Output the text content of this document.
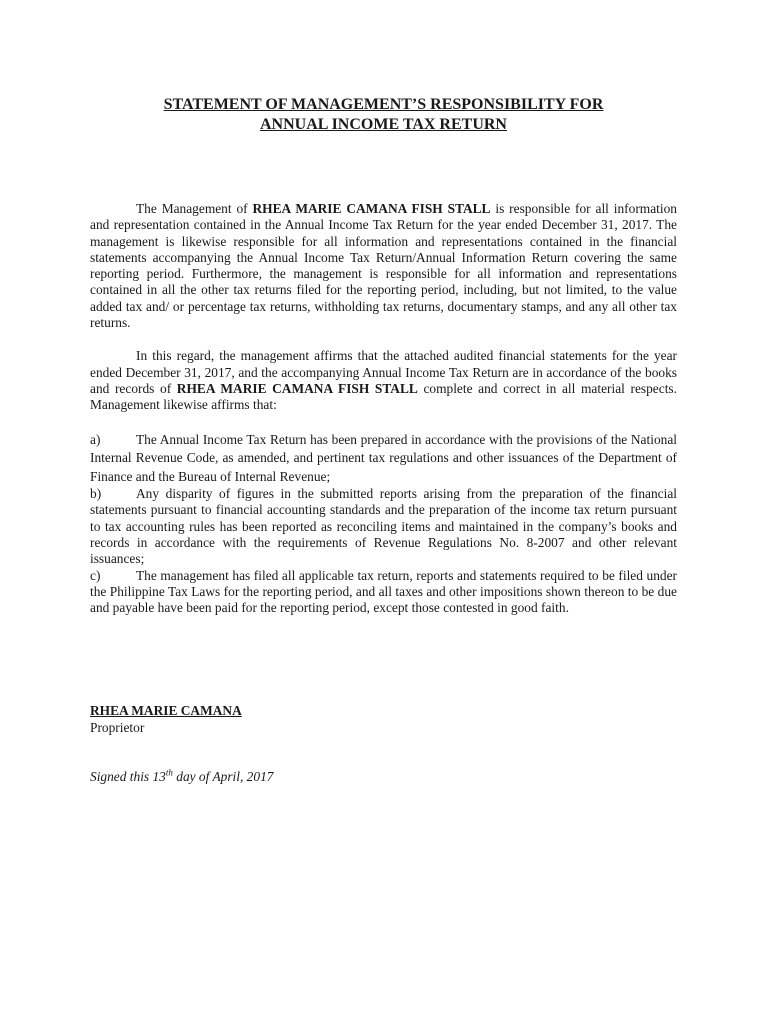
STATEMENT OF MANAGEMENT’S RESPONSIBILITY FOR
ANNUAL INCOME TAX RETURN

The Management of RHEA MARIE CAMANA FISH STALL is responsible for all information and representation contained in the Annual Income Tax Return for the year ended December 31, 2017. The management is likewise responsible for all information and representations contained in the financial statements accompanying the Annual Income Tax Return/Annual Information Return covering the same reporting period. Furthermore, the management is responsible for all information and representations contained in all the other tax returns filed for the reporting period, including, but not limited, to the value added tax and/ or percentage tax returns, withholding tax returns, documentary stamps, and any all other tax returns.

In this regard, the management affirms that the attached audited financial statements for the year ended December 31, 2017, and the accompanying Annual Income Tax Return are in accordance of the books and records of RHEA MARIE CAMANA FISH STALL complete and correct in all material respects. Management likewise affirms that:

a)	The Annual Income Tax Return has been prepared in accordance with the provisions of the National Internal Revenue Code, as amended, and pertinent tax regulations and other issuances of the Department of Finance and the Bureau of Internal Revenue;

b)	Any disparity of figures in the submitted reports arising from the preparation of the financial statements pursuant to financial accounting standards and the preparation of the income tax return pursuant to tax accounting rules has been reported as reconciling items and maintained in the company’s books and records in accordance with the requirements of Revenue Regulations No. 8-2007 and other relevant issuances;

c)	The management has filed all applicable tax return, reports and statements required to be filed under the Philippine Tax Laws for the reporting period, and all taxes and other impositions shown thereon to be due and payable have been paid for the reporting period, except those contested in good faith.

RHEA MARIE CAMANA

Proprietor

Signed this 13th day of April, 2017
